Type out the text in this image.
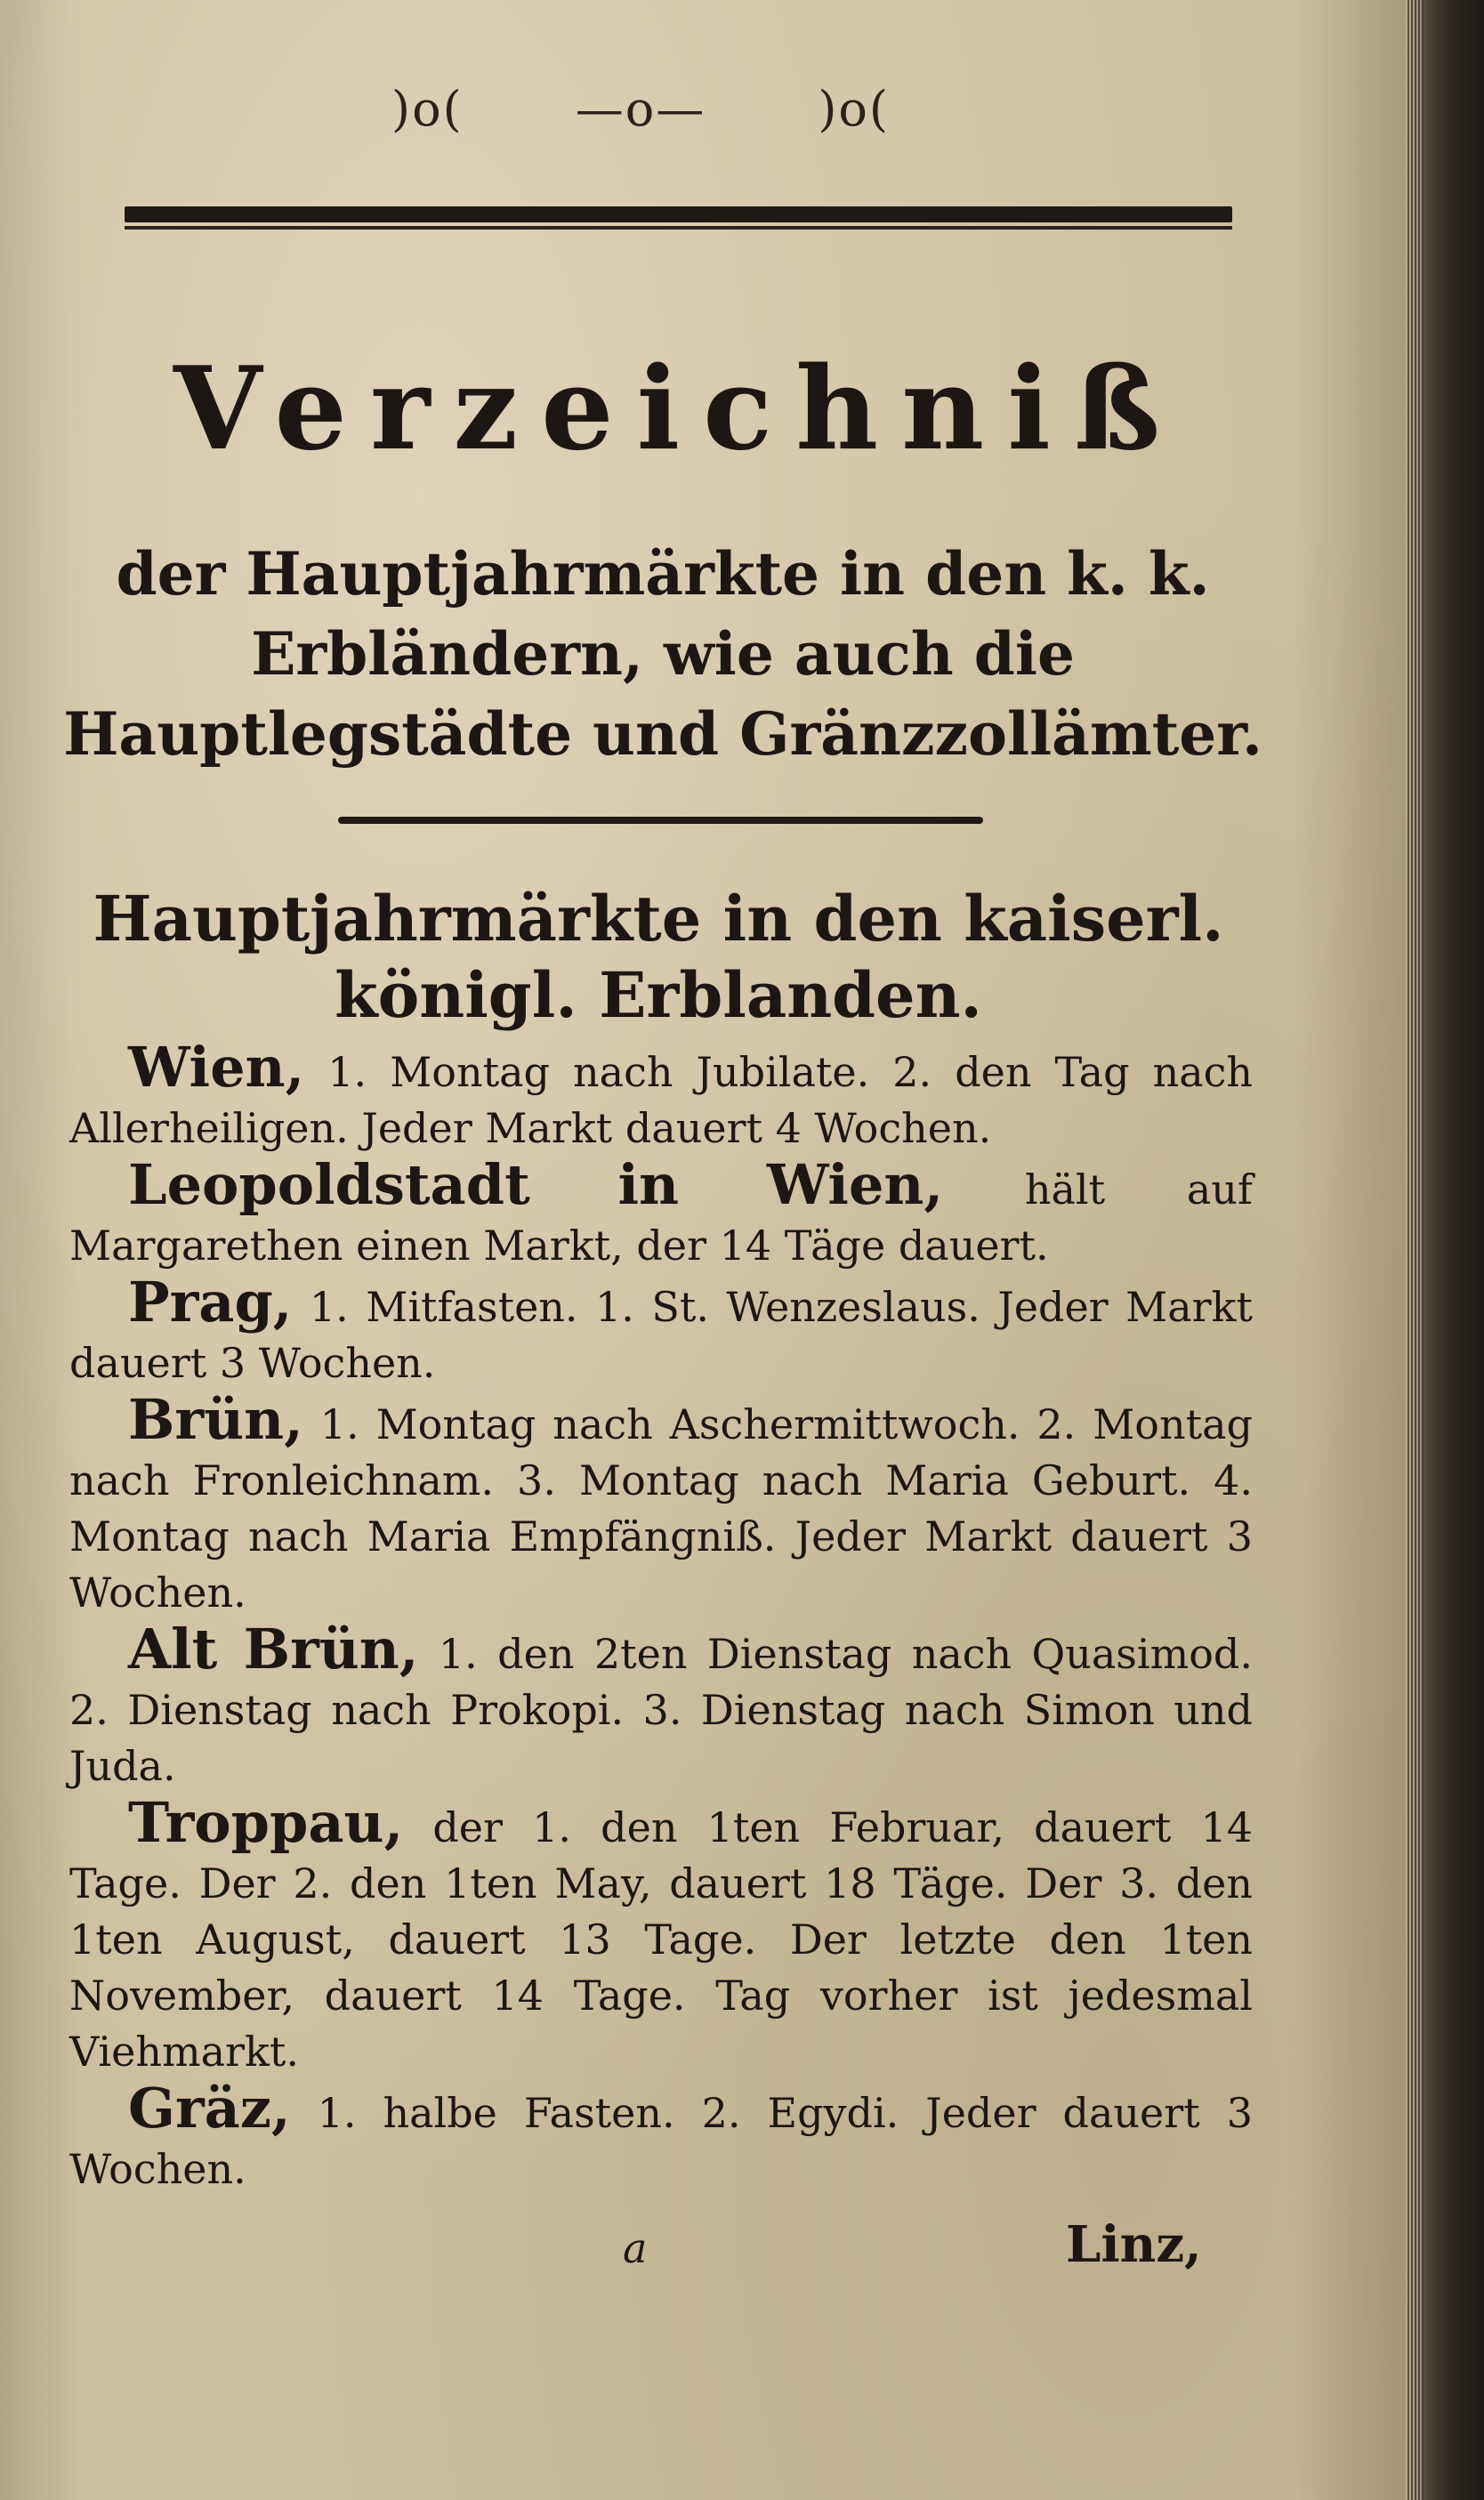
)o( —o— )o(
Verzeichniß
der Hauptjahrmärkte in den k. k. Erbländern, wie auch die Hauptlegstädte und Gränzzollämter.
Hauptjahrmärkte in den kaiserl. königl. Erblanden.

Wien, 1. Montag nach Jubilate. 2. den Tag nach Allerheiligen. Jeder Markt dauert 4 Wochen.

Leopoldstadt in Wien, hält auf Margarethen einen Markt, der 14 Täge dauert.

Prag, 1. Mitfasten. 1. St. Wenzeslaus. Jeder Markt dauert 3 Wochen.

Brün, 1. Montag nach Aschermittwoch. 2. Montag nach Fronleichnam. 3. Montag nach Maria Geburt. 4. Montag nach Maria Empfängniß. Jeder Markt dauert 3 Wochen.

Alt Brün, 1. den 2ten Dienstag nach Quasimod. 2. Dienstag nach Prokopi. 3. Dienstag nach Simon und Juda.

Troppau, der 1. den 1ten Februar, dauert 14 Tage. Der 2. den 1ten May, dauert 18 Täge. Der 3. den 1ten August, dauert 13 Tage. Der letzte den 1ten November, dauert 14 Tage. Tag vorher ist jedesmal Viehmarkt.

Gräz, 1. halbe Fasten. 2. Egydi. Jeder dauert 3 Wochen.

a	Linz,
